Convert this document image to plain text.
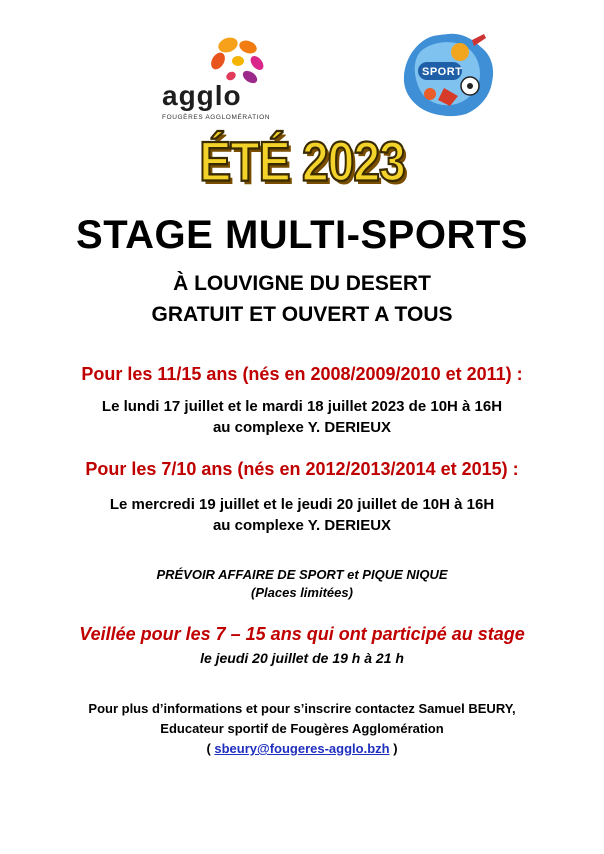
agglo
FOUGÈRES AGGLOMÉRATION
SPORT
ÉTÉ 2023
STAGE MULTI-SPORTS
À LOUVIGNE DU DESERT
GRATUIT ET OUVERT A TOUS
Pour les 11/15 ans (nés en 2008/2009/2010 et 2011) :
Le lundi 17 juillet et le mardi 18 juillet 2023 de 10H à 16H
au complexe Y. DERIEUX
Pour les 7/10 ans (nés en 2012/2013/2014 et 2015) :
Le mercredi 19 juillet et le jeudi 20 juillet de 10H à 16H
au complexe Y. DERIEUX
PRÉVOIR AFFAIRE DE SPORT et PIQUE NIQUE
(Places limitées)
Veillée pour les 7 – 15 ans qui ont participé au stage
le jeudi 20 juillet de 19 h à 21 h
Pour plus d’informations et pour s’inscrire contactez Samuel BEURY,
Educateur sportif de Fougères Agglomération
( sbeury@fougeres-agglo.bzh )
